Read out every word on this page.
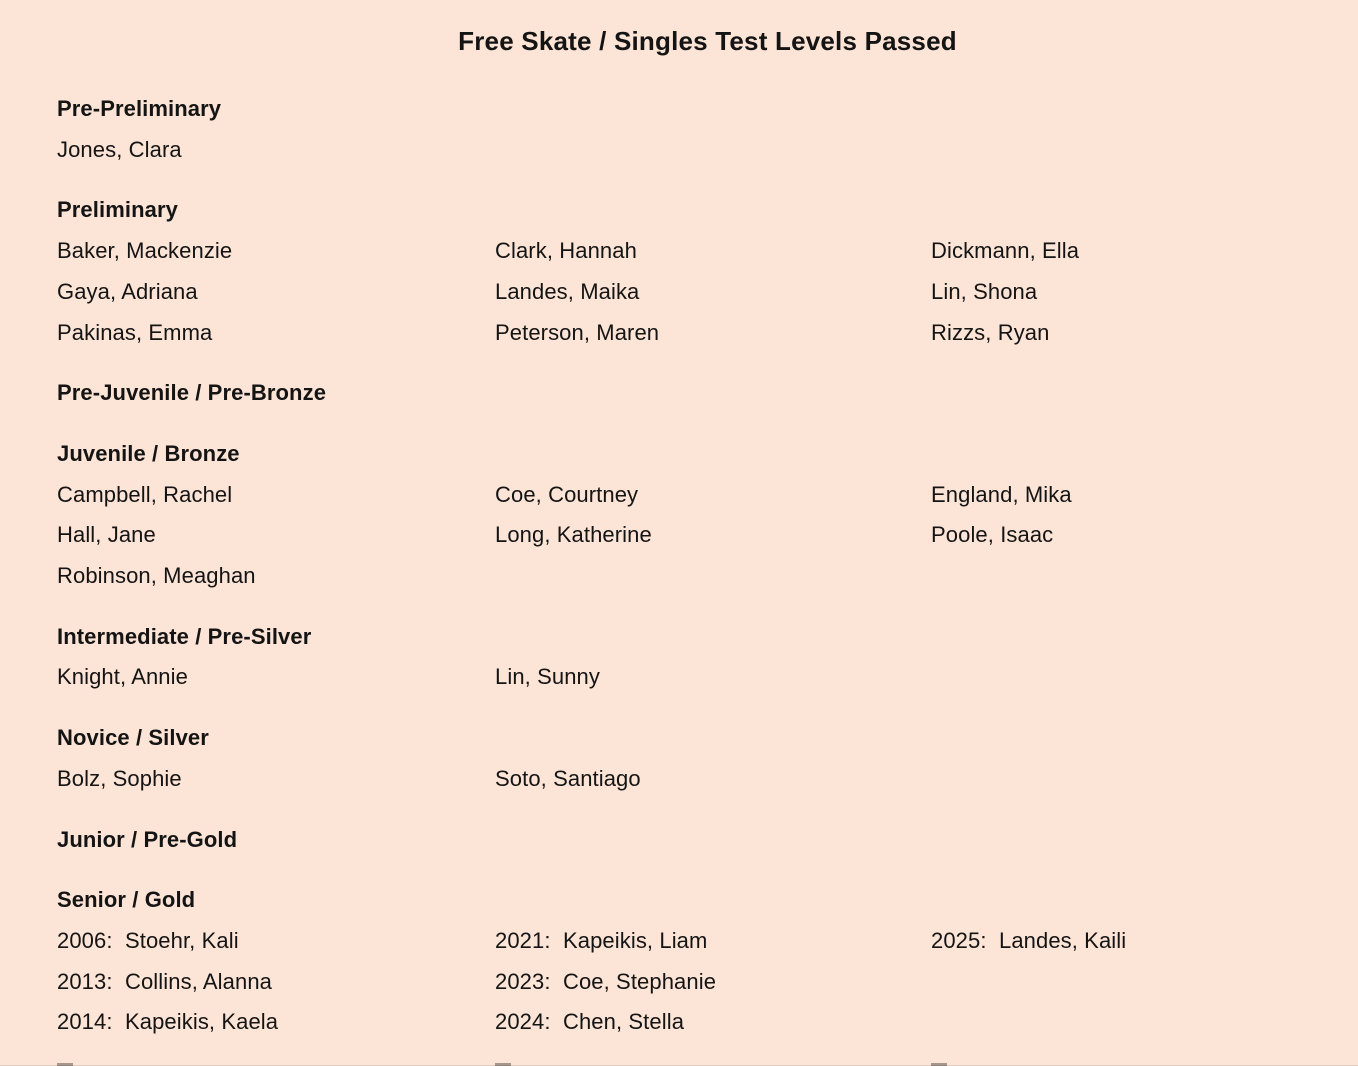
Free Skate / Singles Test Levels Passed
Pre-Preliminary
Jones, Clara
Preliminary
Baker, Mackenzie	Clark, Hannah	Dickmann, Ella
Gaya, Adriana	Landes, Maika	Lin, Shona
Pakinas, Emma	Peterson, Maren	Rizzs, Ryan
Pre-Juvenile / Pre-Bronze
Juvenile / Bronze
Campbell, Rachel	Coe, Courtney	England, Mika
Hall, Jane	Long, Katherine	Poole, Isaac
Robinson, Meaghan
Intermediate / Pre-Silver
Knight, Annie	Lin, Sunny
Novice / Silver
Bolz, Sophie	Soto, Santiago
Junior / Pre-Gold
Senior / Gold
2006:  Stoehr, Kali	2021:  Kapeikis, Liam	2025:  Landes, Kaili
2013:  Collins, Alanna	2023:  Coe, Stephanie
2014:  Kapeikis, Kaela	2024:  Chen, Stella
